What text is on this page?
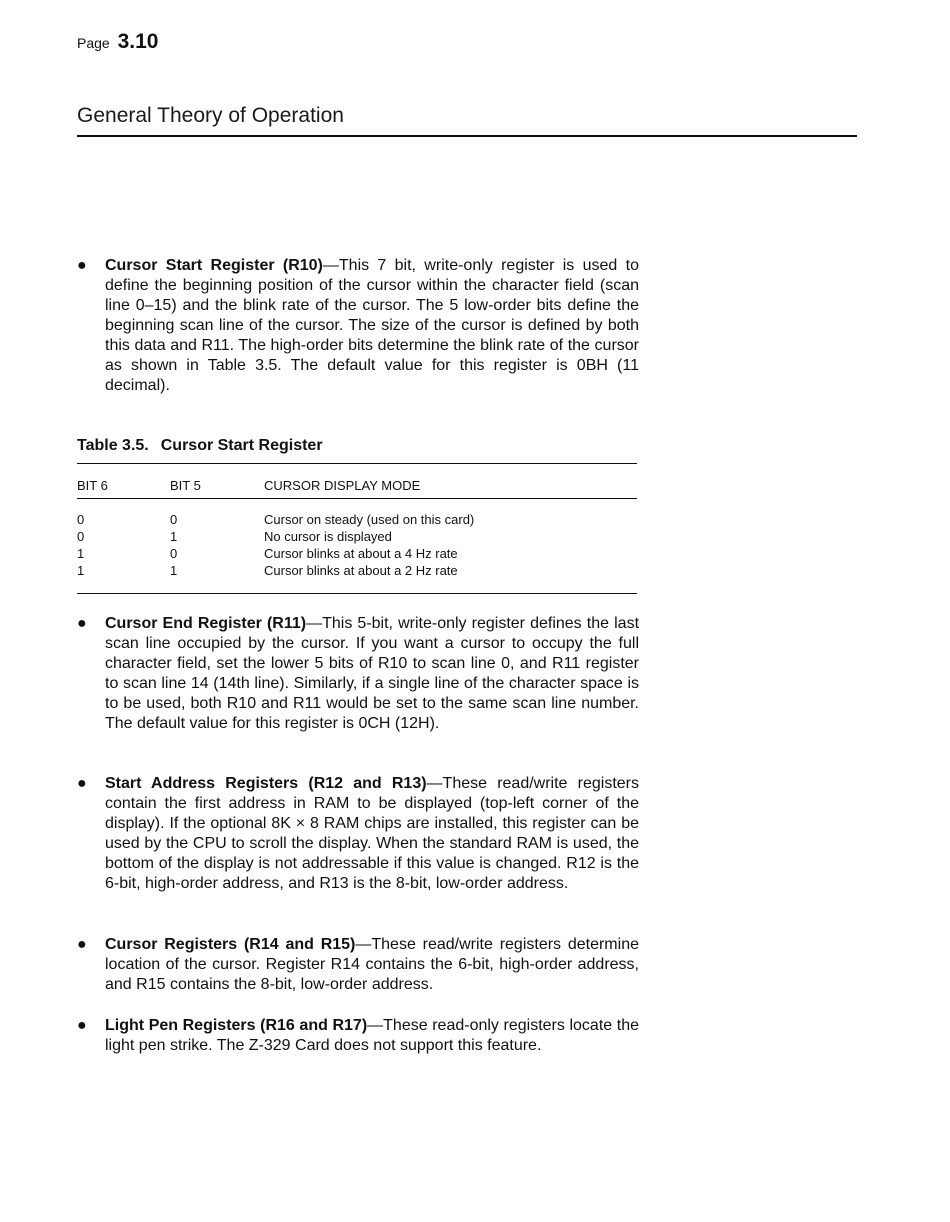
Page 3.10
General Theory of Operation
●	Cursor Start Register (R10)—This 7 bit, write-only register is used to define the beginning position of the cursor within the character field (scan line 0–15) and the blink rate of the cursor. The 5 low-order bits define the beginning scan line of the cursor. The size of the cursor is defined by both this data and R11. The high-order bits determine the blink rate of the cursor as shown in Table 3.5. The default value for this register is 0BH (11 decimal).
Table 3.5. Cursor Start Register
BIT 6	BIT 5	CURSOR DISPLAY MODE
0	0	Cursor on steady (used on this card)
0	1	No cursor is displayed
1	0	Cursor blinks at about a 4 Hz rate
1	1	Cursor blinks at about a 2 Hz rate
●	Cursor End Register (R11)—This 5-bit, write-only register defines the last scan line occupied by the cursor. If you want a cursor to occupy the full character field, set the lower 5 bits of R10 to scan line 0, and R11 register to scan line 14 (14th line). Similarly, if a single line of the character space is to be used, both R10 and R11 would be set to the same scan line number. The default value for this register is 0CH (12H).
●	Start Address Registers (R12 and R13)—These read/write registers contain the first address in RAM to be displayed (top-left corner of the display). If the optional 8K × 8 RAM chips are installed, this register can be used by the CPU to scroll the display. When the standard RAM is used, the bottom of the display is not addressable if this value is changed. R12 is the 6-bit, high-order address, and R13 is the 8-bit, low-order address.
●	Cursor Registers (R14 and R15)—These read/write registers determine location of the cursor. Register R14 contains the 6-bit, high-order address, and R15 contains the 8-bit, low-order address.
●	Light Pen Registers (R16 and R17)—These read-only registers locate the light pen strike. The Z-329 Card does not support this feature.
